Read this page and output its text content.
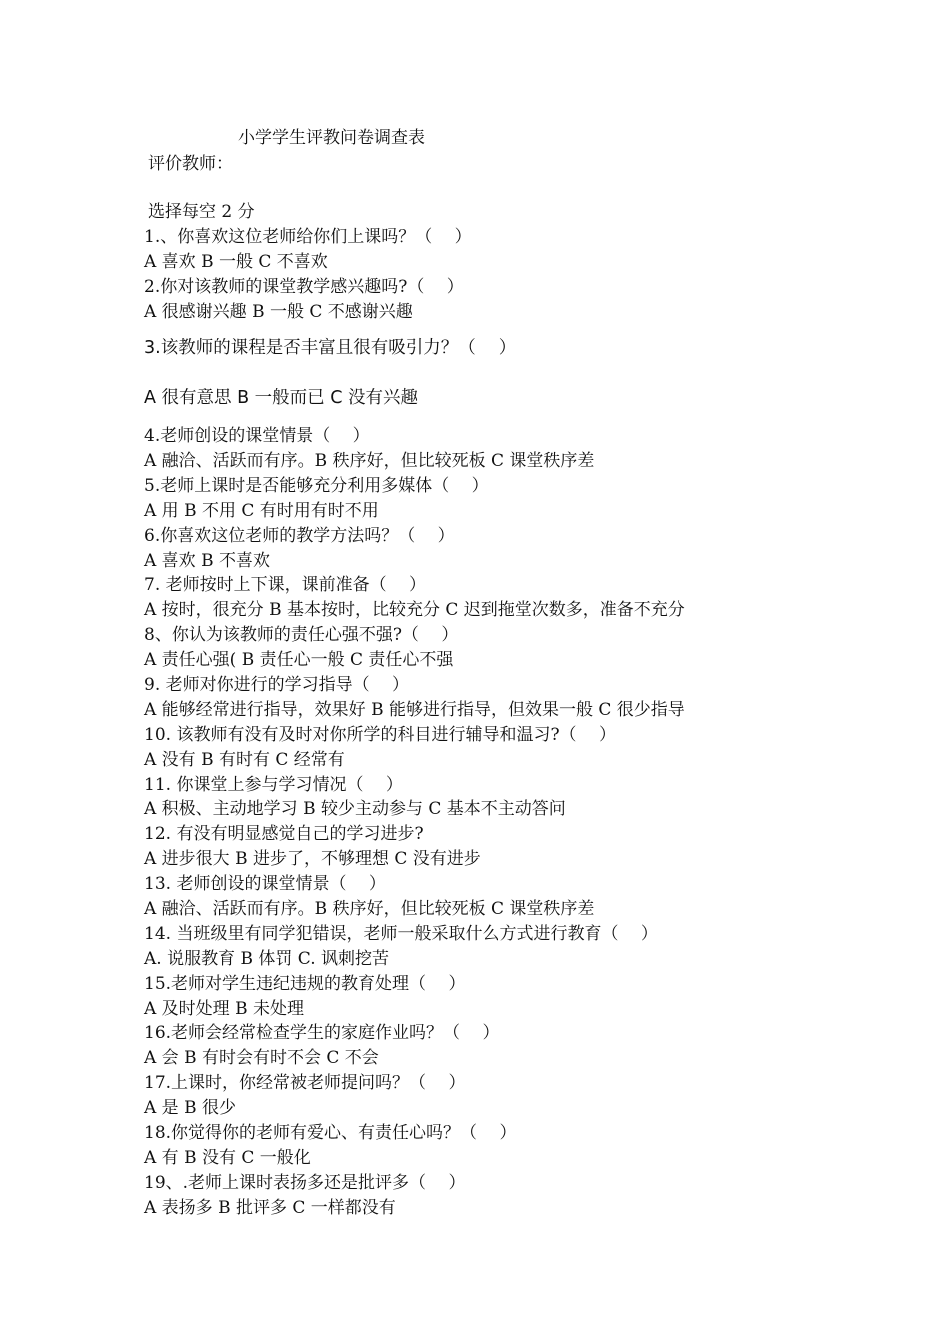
小学学生评教问卷调查表
评价教师：
选择每空 2 分
1.、你喜欢这位老师给你们上课吗？（　 ）
A 喜欢 B 一般 C 不喜欢
2.你对该教师的课堂教学感兴趣吗?（　 ）
A 很感谢兴趣 B 一般 C 不感谢兴趣
3.该教师的课程是否丰富且很有吸引力？（　 ）
A 很有意思 B 一般而已 C 没有兴趣
4.老师创设的课堂情景（　 ）
A 融洽、活跃而有序。B 秩序好，但比较死板 C 课堂秩序差
5.老师上课时是否能够充分利用多媒体（　 ）
A 用 B 不用 C 有时用有时不用
6.你喜欢这位老师的教学方法吗？（　 ）
A 喜欢 B 不喜欢
7. 老师按时上下课，课前准备（　 ）
A 按时，很充分 B 基本按时，比较充分 C 迟到拖堂次数多，准备不充分
8、你认为该教师的责任心强不强?（　 ）
A 责任心强( B 责任心一般 C 责任心不强
9. 老师对你进行的学习指导（　 ）
A 能够经常进行指导，效果好 B 能够进行指导，但效果一般 C 很少指导
10. 该教师有没有及时对你所学的科目进行辅导和温习?（　 ）
A 没有 B 有时有 C 经常有
11. 你课堂上参与学习情况（　 ）
A 积极、主动地学习 B 较少主动参与 C 基本不主动答问
12. 有没有明显感觉自己的学习进步?
A 进步很大 B 进步了，不够理想 C 没有进步
13. 老师创设的课堂情景（　 ）
A 融洽、活跃而有序。B 秩序好，但比较死板 C 课堂秩序差
14. 当班级里有同学犯错误，老师一般采取什么方式进行教育（　 ）
A. 说服教育 B 体罚 C. 讽刺挖苦
15.老师对学生违纪违规的教育处理（　 ）
A 及时处理 B 未处理
16.老师会经常检查学生的家庭作业吗？（　 ）
A 会 B 有时会有时不会 C 不会
17.上课时，你经常被老师提问吗？（　 ）
A 是 B 很少
18.你觉得你的老师有爱心、有责任心吗？（　 ）
A 有 B 没有 C 一般化
19、.老师上课时表扬多还是批评多（　 ）
A 表扬多 B 批评多 C 一样都没有
